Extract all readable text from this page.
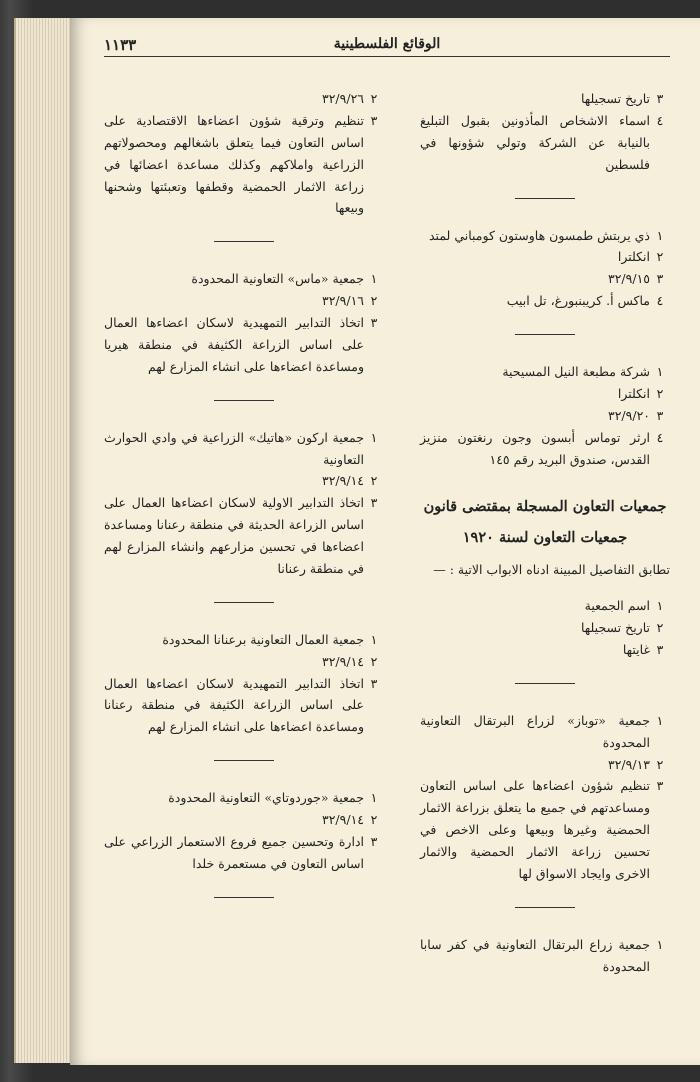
الوقائع الفلسطينية
١١٣٣
٣
تاريخ تسجيلها
٤
اسماء الاشخاص المأذونين بقبول التبليغ بالنيابة عن الشركة وتولي شؤونها في فلسطين
١
ذي يربتش طمسون هاوستون كومباني لمتد
٢
انكلترا
٣
٣٢/٩/١٥
٤
ماكس أ. كريبنبورغ، تل ابيب
١
شركة مطبعة النيل المسيحية
٢
انكلترا
٣
٣٢/٩/٢٠
٤
ارثر توماس أبسون وجون رنغتون منزيز القدس، صندوق البريد رقم ١٤٥
جمعيات التعاون المسجلة بمقتضى قانون
جمعيات التعاون لسنة ١٩٢٠
تطابق التفاصيل المبينة ادناه الابواب الاتية : —
١
اسم الجمعية
٢
تاريخ تسجيلها
٣
غايتها
١
جمعية «توباز» لزراع البرتقال التعاونية المحدودة
٢
٣٢/٩/١٣
٣
تنظيم شؤون اعضاءها على اساس التعاون ومساعدتهم في جميع ما يتعلق بزراعة الاثمار الحمضية وغيرها وبيعها وعلى الاخص في تحسين زراعة الاثمار الحمضية والاثمار الاخرى وايجاد الاسواق لها
١
جمعية زراع البرتقال التعاونية في كفر سابا المحدودة
٢
٣٢/٩/٢٦
٣
تنظيم وترقية شؤون اعضاءها الاقتصادية على اساس التعاون فيما يتعلق باشغالهم ومحصولاتهم الزراعية واملاكهم وكذلك مساعدة اعضائها في زراعة الاثمار الحمضية وقطفها وتعبئتها وشحنها وبيعها
١
جمعية «ماس» التعاونية المحدودة
٢
٣٢/٩/١٦
٣
اتخاذ التدابير التمهيدية لاسكان اعضاءها العمال على اساس الزراعة الكثيفة في منطقة هيريا ومساعدة اعضاءها على انشاء المزارع لهم
١
جمعية اركون «هاتيك» الزراعية في وادي الحوارث التعاونية
٢
٣٢/٩/١٤
٣
اتخاذ التدابير الاولية لاسكان اعضاءها العمال على اساس الزراعة الحديثة في منطقة رعنانا ومساعدة اعضاءها في تحسين مزارعهم وانشاء المزارع لهم في منطقة رعنانا
١
جمعية العمال التعاونية برعنانا المحدودة
٢
٣٢/٩/١٤
٣
اتخاذ التدابير التمهيدية لاسكان اعضاءها العمال على اساس الزراعة الكثيفة في منطقة رعنانا ومساعدة اعضاءها على انشاء المزارع لهم
١
جمعية «جوردوتاي» التعاونية المحدودة
٢
٣٢/٩/١٤
٣
ادارة وتحسين جميع فروع الاستعمار الزراعي على اساس التعاون في مستعمرة خلدا
